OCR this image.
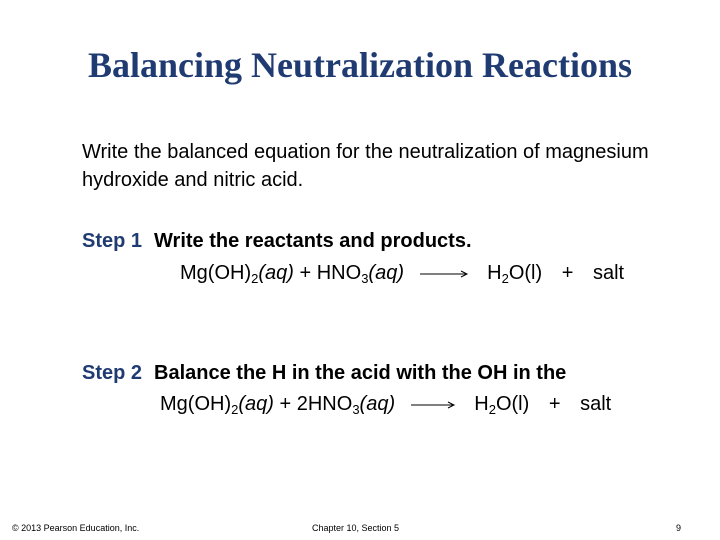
Balancing Neutralization Reactions
Write the balanced equation for the neutralization of magnesium hydroxide and nitric acid.
Step 1 Write the reactants and products.
$Mg(OH)_2(aq) + HNO_3(aq) \to H_2O(l)$ + salt
Step 2 Balance the H in the acid with the OH in the
$Mg(OH)_2(aq) + 2HNO_3(aq) \to H_2O(l)$ + salt
© 2013 Pearson Education, Inc.	Chapter 10, Section 5	9
